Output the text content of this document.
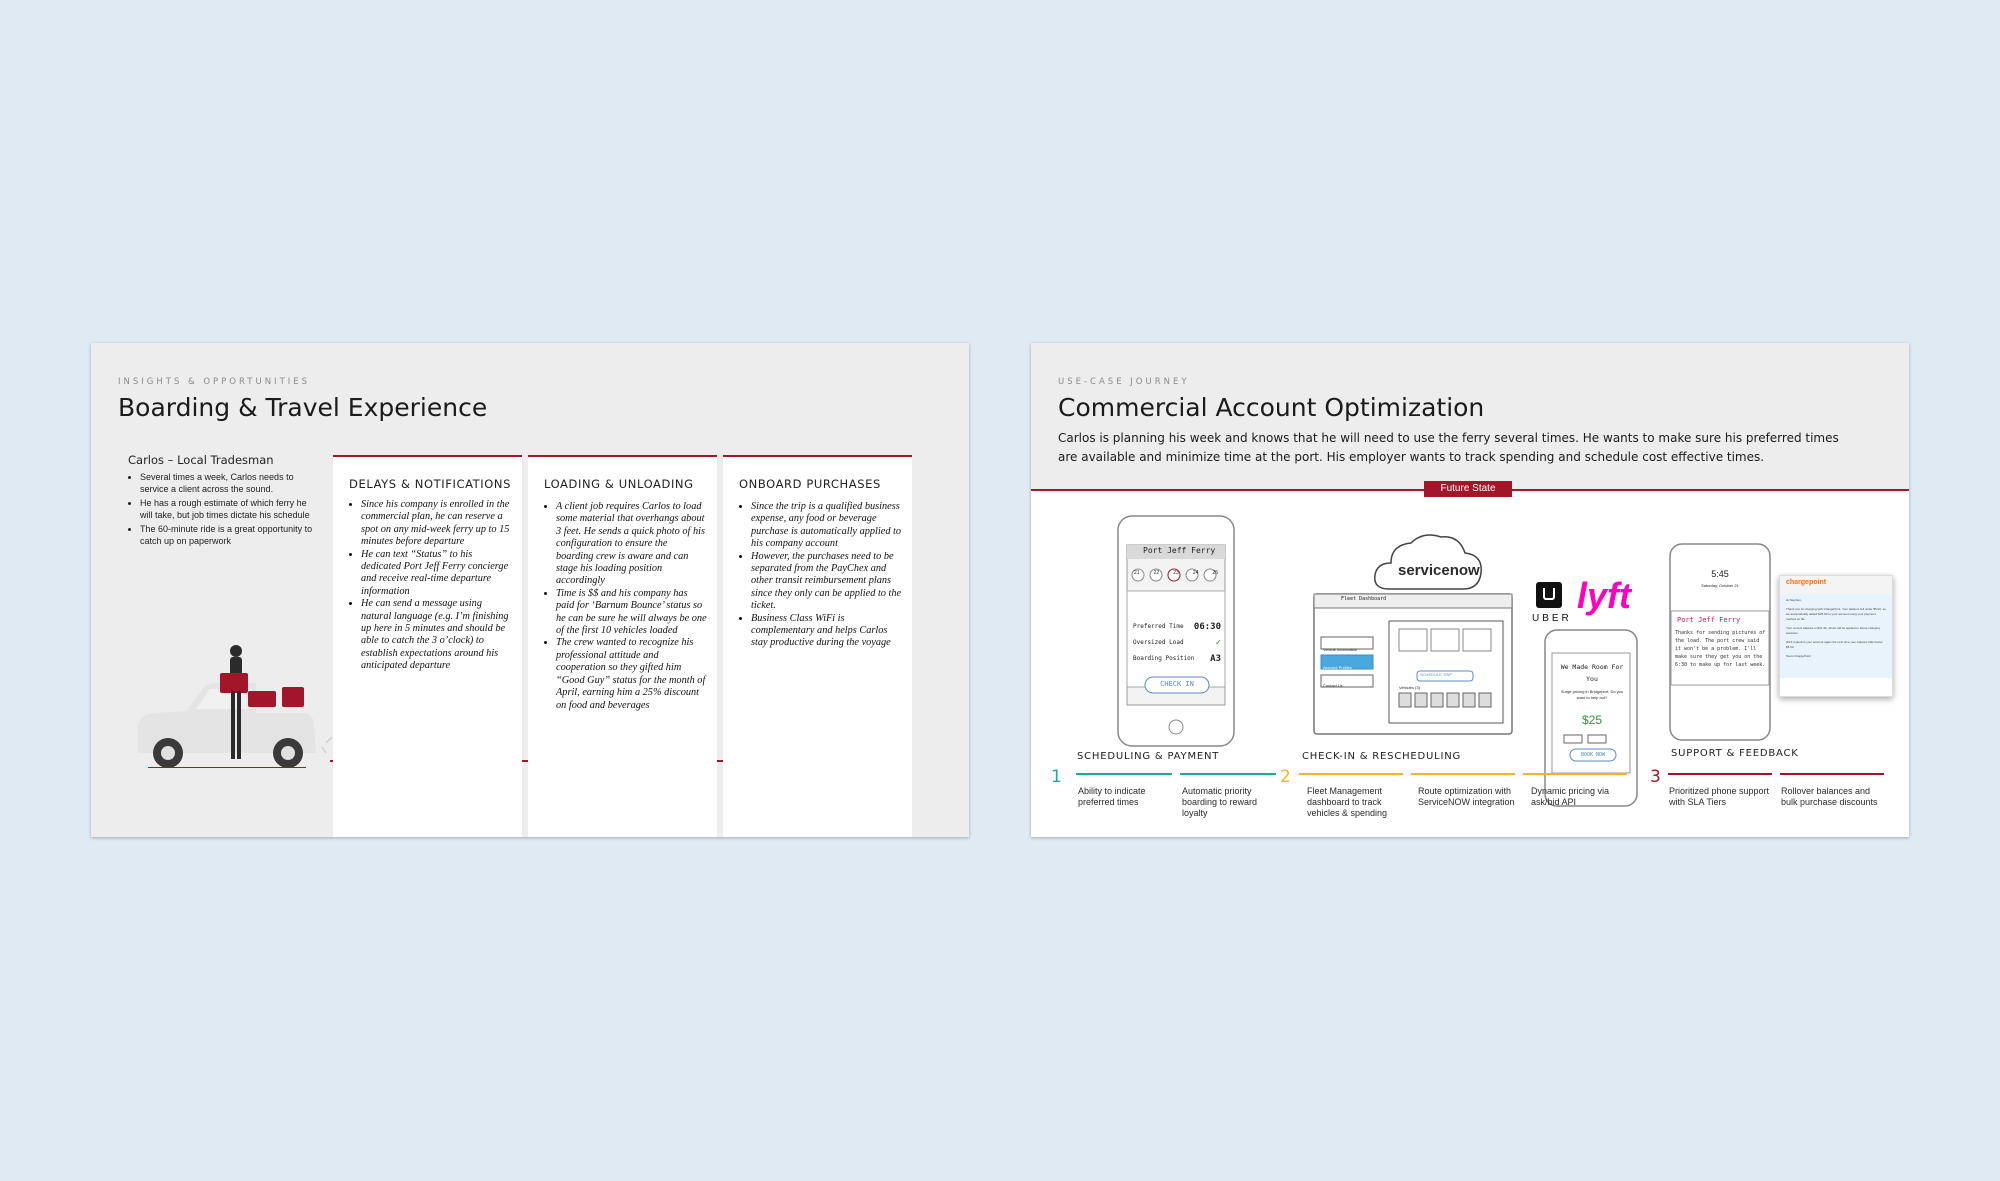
INSIGHTS & OPPORTUNITIES
Boarding & Travel Experience
Carlos – Local Tradesman
• Several times a week, Carlos needs to service a client across the sound.
• He has a rough estimate of which ferry he will take, but job times dictate his schedule
• The 60-minute ride is a great opportunity to catch up on paperwork
DELAYS & NOTIFICATIONS
• Since his company is enrolled in the commercial plan, he can reserve a spot on any mid-week ferry up to 15 minutes before departure
• He can text “Status” to his dedicated Port Jeff Ferry concierge and receive real-time departure information
• He can send a message using natural language (e.g. I’m finishing up here in 5 minutes and should be able to catch the 3 o’clock) to establish expectations around his anticipated departure
LOADING & UNLOADING
• A client job requires Carlos to load some material that overhangs about 3 feet. He sends a quick photo of his configuration to ensure the boarding crew is aware and can stage his loading position accordingly
• Time is $$ and his company has paid for ‘Barnum Bounce’ status so he can be sure he will always be one of the first 10 vehicles loaded
• The crew wanted to recognize his professional attitude and cooperation so they gifted him “Good Guy” status for the month of April, earning him a 25% discount on food and beverages
ONBOARD PURCHASES
• Since the trip is a qualified business expense, any food or beverage purchase is automatically applied to his company account
• However, the purchases need to be separated from the PayChex and other transit reimbursement plans since they only can be applied to the ticket.
• Business Class WiFi is complementary and helps Carlos stay productive during the voyage
USE-CASE JOURNEY
Commercial Account Optimization
Carlos is planning his week and knows that he will need to use the ferry several times. He wants to make sure his preferred times are available and minimize time at the port. His employer wants to track spending and schedule cost effective times.
Future State
Port Jeff Ferry
21	22	23	24	25
Preferred Time 06:30
Oversized Load	✓
Boarding Position A3
CHECK IN
servicenow
Fleet Dashboard
Vehicle Information
Account Profiles
Contact Us
SCHEDULE TRIP
Vehicles (3)
UBER
lyft
We Made Room For You
Surge pricing in Bridgeport. Do you want to help out?
$25
BOOK NOW
5:45
Saturday, October 21
Port Jeff Ferry
Thanks for sending pictures of the load. The port crew said it won't be a problem. I'll make sure they get you on the 6:30 to make up for last week.
chargepoint
Hi Stephen,
Thank you for charging with ChargePoint. Your balance fell under $5.00, so we automatically added $25.00 to your account using your payment method on file.
Your current balance is $31.36, which will be applied to future charging sessions.
We'll replenish your account again the next time your balance falls below $5.00.
Team ChargePoint
1
SCHEDULING & PAYMENT
2
CHECK-IN & RESCHEDULING
3
SUPPORT & FEEDBACK
Ability to indicate preferred times
Automatic priority boarding to reward loyalty
Fleet Management dashboard to track vehicles & spending
Route optimization with ServiceNOW integration
Dynamic pricing via ask/bid API
Prioritized phone support with SLA Tiers
Rollover balances and bulk purchase discounts
